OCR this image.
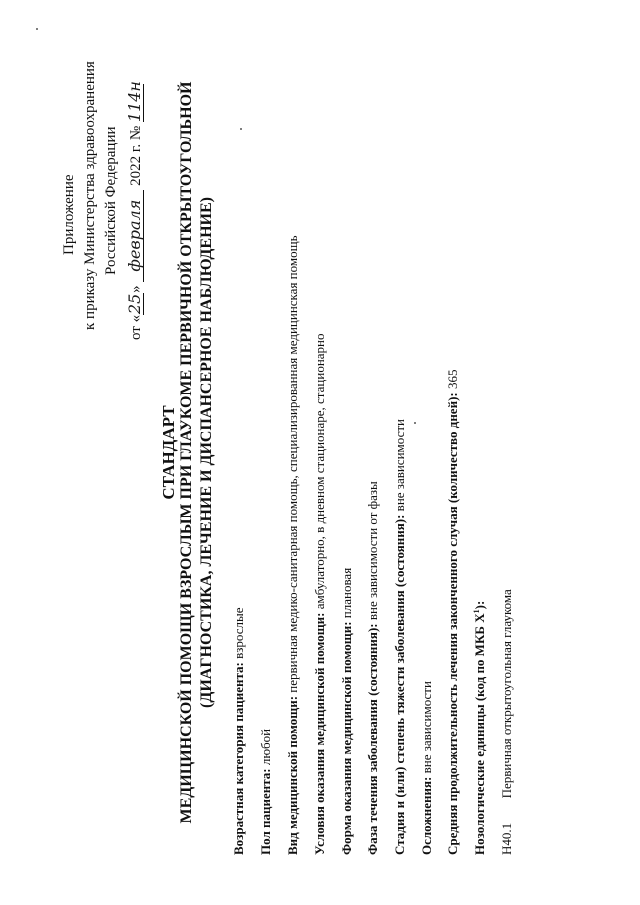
Приложение к приказу Министерства здравоохранения Российской Федерации
от «25» февраля 2022 г. № 114н
СТАНДАРТ МЕДИЦИНСКОЙ ПОМОЩИ ВЗРОСЛЫМ ПРИ ГЛАУКОМЕ ПЕРВИЧНОЙ ОТКРЫТОУГОЛЬНОЙ (ДИАГНОСТИКА, ЛЕЧЕНИЕ И ДИСПАНСЕРНОЕ НАБЛЮДЕНИЕ)
Возрастная категория пациента: взрослые
Пол пациента: любой Вид медицинской помощи: первичная медико-санитарная помощь, специализированная медицинская помощь
Условия оказания медицинской помощи: амбулаторно, в дневном стационаре, стационарно
Форма оказания медицинской помощи: плановая
Фаза течения заболевания (состояния): вне зависимости от фазы Стадия и (или) степень тяжести заболевания (состояния): вне зависимости
Осложнения: вне зависимости Средняя продолжительность лечения законченного случая (количество дней): 365
Нозологические единицы (код по МКБ $X^1$):
H40.1  Первичная открытоугольная глаукома
